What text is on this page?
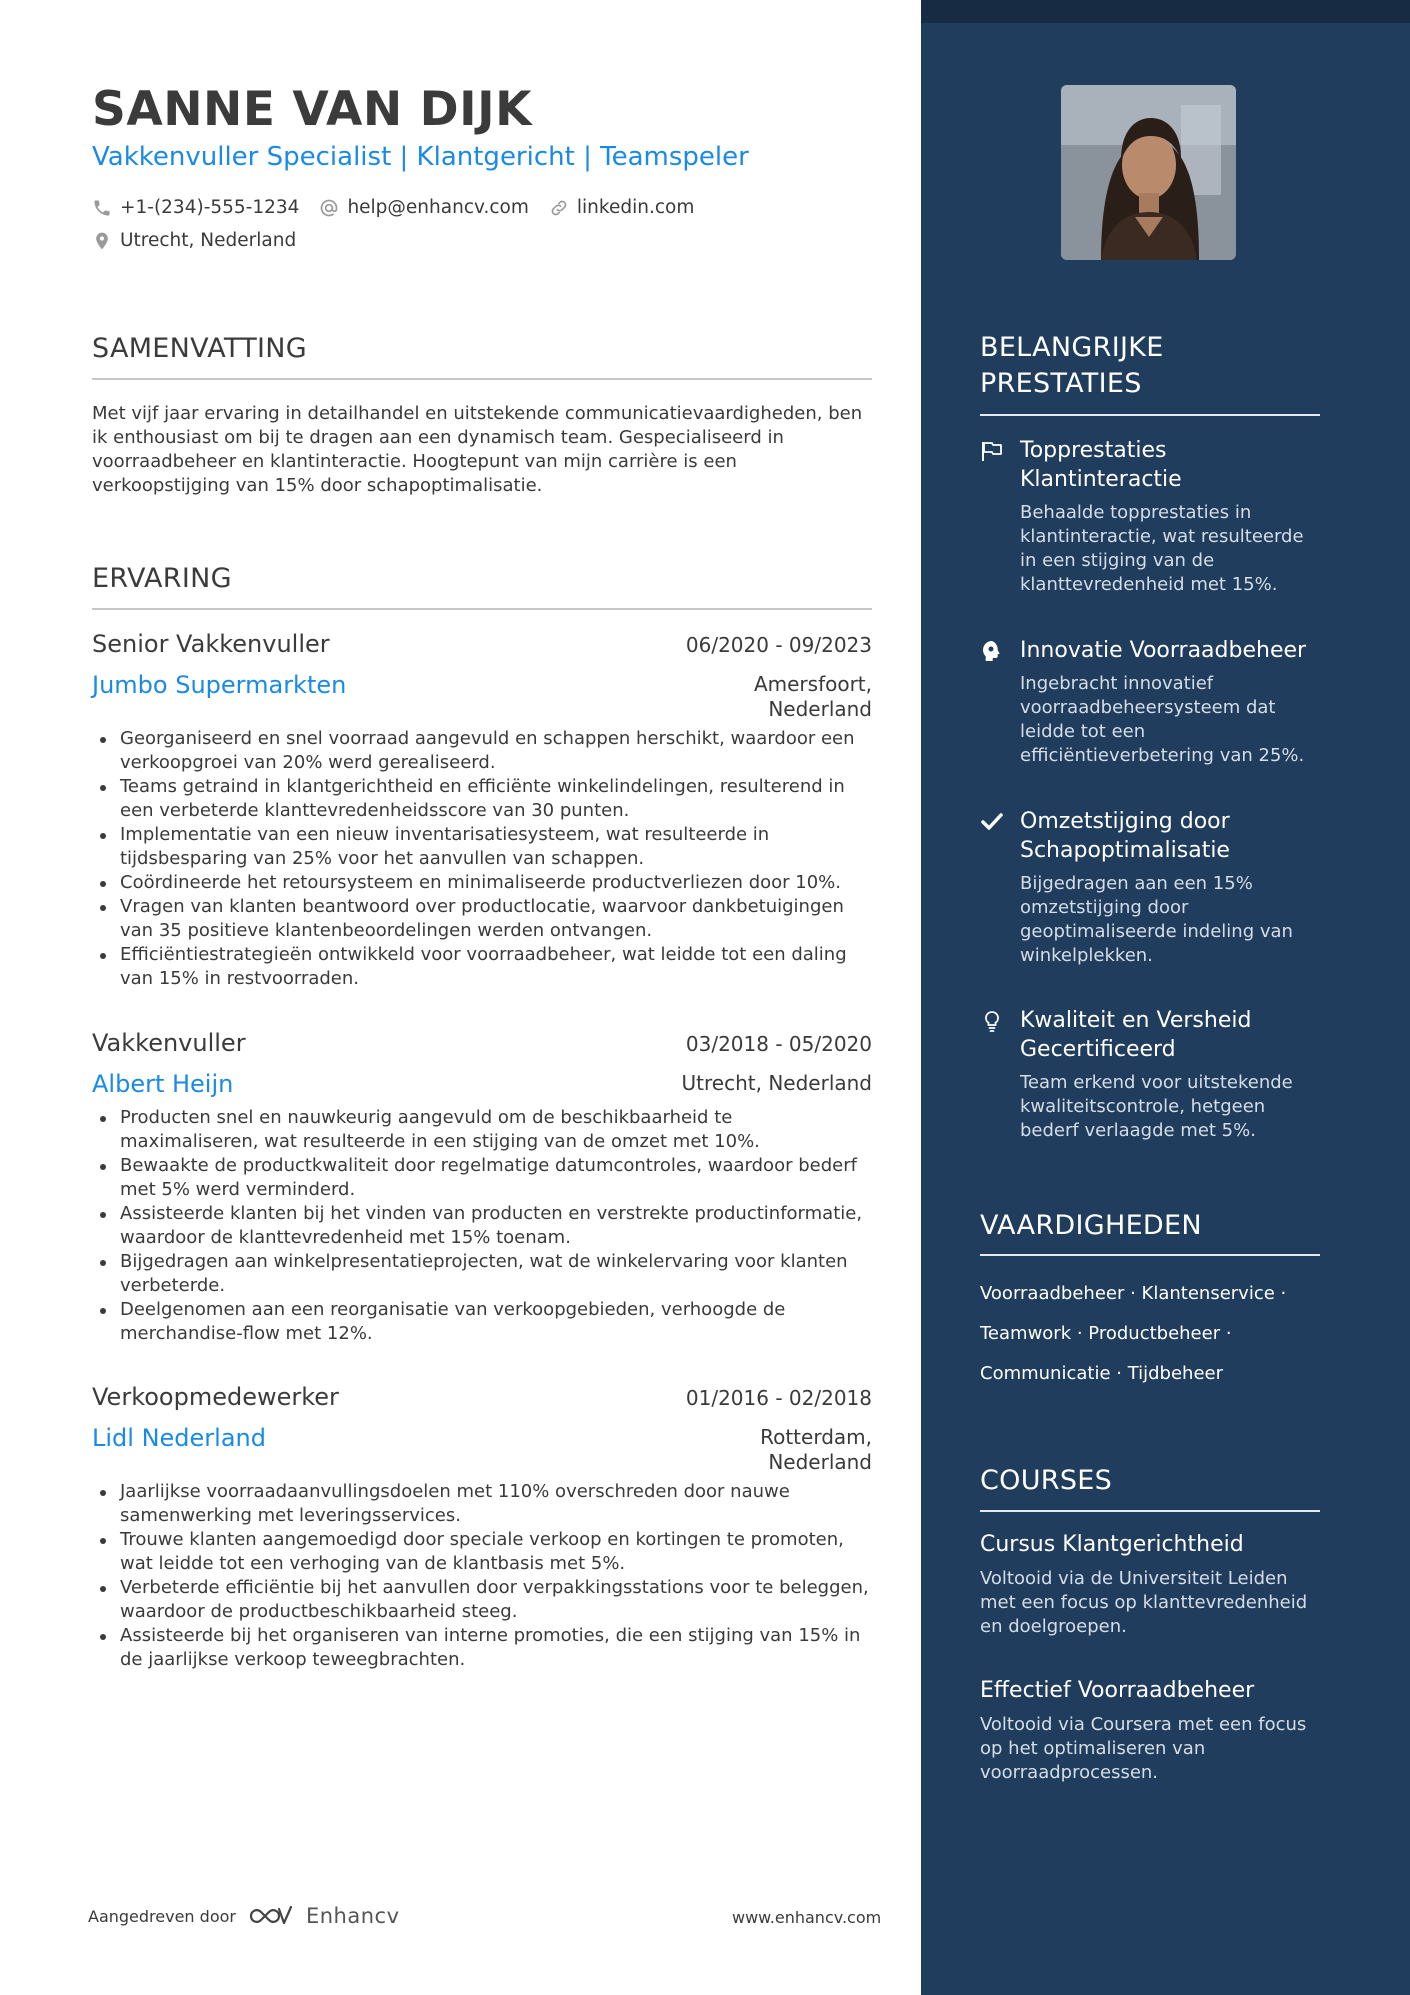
SANNE VAN DIJK
Vakkenvuller Specialist | Klantgericht | Teamspeler
+1-(234)-555-1234	help@enhancv.com	linkedin.com
Utrecht, Nederland
SAMENVATTING
Met vijf jaar ervaring in detailhandel en uitstekende communicatievaardigheden, ben ik enthousiast om bij te dragen aan een dynamisch team. Gespecialiseerd in voorraadbeheer en klantinteractie. Hoogtepunt van mijn carrière is een verkoopstijging van 15% door schapoptimalisatie.
ERVARING
Senior Vakkenvuller	06/2020 - 09/2023
Jumbo Supermarkten	Amersfoort,
Nederland
Georganiseerd en snel voorraad aangevuld en schappen herschikt, waardoor een verkoopgroei van 20% werd gerealiseerd.
Teams getraind in klantgerichtheid en efficiënte winkelindelingen, resulterend in een verbeterde klanttevredenheidsscore van 30 punten.
Implementatie van een nieuw inventarisatiesysteem, wat resulteerde in tijdsbesparing van 25% voor het aanvullen van schappen.
Coördineerde het retoursysteem en minimaliseerde productverliezen door 10%.
Vragen van klanten beantwoord over productlocatie, waarvoor dankbetuigingen van 35 positieve klantenbeoordelingen werden ontvangen.
Efficiëntiestrategieën ontwikkeld voor voorraadbeheer, wat leidde tot een daling van 15% in restvoorraden.
Vakkenvuller	03/2018 - 05/2020
Albert Heijn	Utrecht, Nederland
Producten snel en nauwkeurig aangevuld om de beschikbaarheid te maximaliseren, wat resulteerde in een stijging van de omzet met 10%.
Bewaakte de productkwaliteit door regelmatige datumcontroles, waardoor bederf met 5% werd verminderd.
Assisteerde klanten bij het vinden van producten en verstrekte productinformatie, waardoor de klanttevredenheid met 15% toenam.
Bijgedragen aan winkelpresentatieprojecten, wat de winkelervaring voor klanten verbeterde.
Deelgenomen aan een reorganisatie van verkoopgebieden, verhoogde de merchandise-flow met 12%.
Verkoopmedewerker	01/2016 - 02/2018
Lidl Nederland	Rotterdam,
Nederland
Jaarlijkse voorraadaanvullingsdoelen met 110% overschreden door nauwe samenwerking met leveringsservices.
Trouwe klanten aangemoedigd door speciale verkoop en kortingen te promoten, wat leidde tot een verhoging van de klantbasis met 5%.
Verbeterde efficiëntie bij het aanvullen door verpakkingsstations voor te beleggen, waardoor de productbeschikbaarheid steeg.
Assisteerde bij het organiseren van interne promoties, die een stijging van 15% in de jaarlijkse verkoop teweegbrachten.
Aangedreven door	Enhancv	www.enhancv.com
BELANGRIJKE
PRESTATIES
Topprestaties Klantinteractie
Behaalde topprestaties in klantinteractie, wat resulteerde in een stijging van de klanttevredenheid met 15%.
Innovatie Voorraadbeheer
Ingebracht innovatief voorraadbeheersysteem dat leidde tot een efficiëntieverbetering van 25%.
Omzetstijging door Schapoptimalisatie
Bijgedragen aan een 15% omzetstijging door geoptimaliseerde indeling van winkelplekken.
Kwaliteit en Versheid Gecertificeerd
Team erkend voor uitstekende kwaliteitscontrole, hetgeen bederf verlaagde met 5%.
VAARDIGHEDEN
Voorraadbeheer · Klantenservice ·
Teamwork · Productbeheer ·
Communicatie · Tijdbeheer
COURSES
Cursus Klantgerichtheid
Voltooid via de Universiteit Leiden met een focus op klanttevredenheid en doelgroepen.
Effectief Voorraadbeheer
Voltooid via Coursera met een focus op het optimaliseren van voorraadprocessen.
